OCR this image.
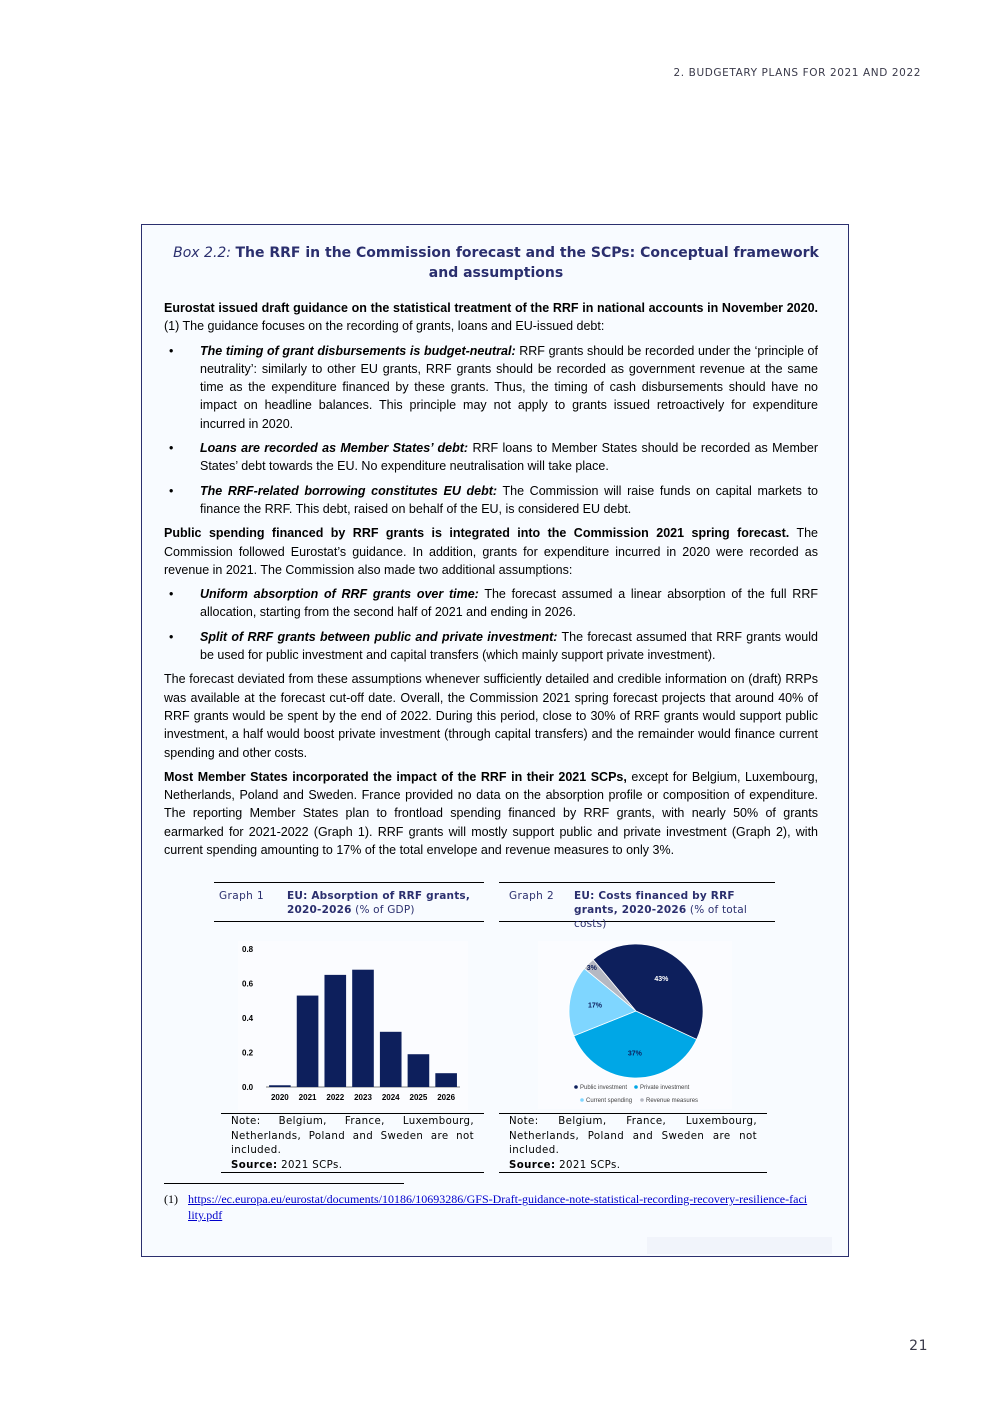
2. BUDGETARY PLANS FOR 2021 AND 2022
Box 2.2: The RRF in the Commission forecast and the SCPs: Conceptual framework and assumptions

Eurostat issued draft guidance on the statistical treatment of the RRF in national accounts in November 2020.(1) The guidance focuses on the recording of grants, loans and EU-issued debt:

• The timing of grant disbursements is budget-neutral: RRF grants should be recorded under the ‘principle of neutrality’: similarly to other EU grants, RRF grants should be recorded as government revenue at the same time as the expenditure financed by these grants. Thus, the timing of cash disbursements should have no impact on headline balances. This principle may not apply to grants issued retroactively for expenditure incurred in 2020.
• Loans are recorded as Member States’ debt: RRF loans to Member States should be recorded as Member States’ debt towards the EU. No expenditure neutralisation will take place.
• The RRF-related borrowing constitutes EU debt: The Commission will raise funds on capital markets to finance the RRF. This debt, raised on behalf of the EU, is considered EU debt.

Public spending financed by RRF grants is integrated into the Commission 2021 spring forecast. The Commission followed Eurostat’s guidance. In addition, grants for expenditure incurred in 2020 were recorded as revenue in 2021. The Commission also made two additional assumptions:

• Uniform absorption of RRF grants over time: The forecast assumed a linear absorption of the full RRF allocation, starting from the second half of 2021 and ending in 2026.
• Split of RRF grants between public and private investment: The forecast assumed that RRF grants would be used for public investment and capital transfers (which mainly support private investment).

The forecast deviated from these assumptions whenever sufficiently detailed and credible information on (draft) RRPs was available at the forecast cut-off date. Overall, the Commission 2021 spring forecast projects that around 40% of RRF grants would be spent by the end of 2022. During this period, close to 30% of RRF grants would support public investment, a half would boost private investment (through capital transfers) and the remainder would finance current spending and other costs.

Most Member States incorporated the impact of the RRF in their 2021 SCPs, except for Belgium, Luxembourg, Netherlands, Poland and Sweden. France provided no data on the absorption profile or composition of expenditure. The reporting Member States plan to frontload spending financed by RRF grants, with nearly 50% of grants earmarked for 2021-2022 (Graph 1). RRF grants will mostly support public and private investment (Graph 2), with current spending amounting to 17% of the total envelope and revenue measures to only 3%.

Graph 1 EU: Absorption of RRF grants, 2020-2026 (% of GDP)
Graph 2 EU: Costs financed by RRF grants, 2020-2026 (% of total costs)
0.0
0.2
0.4
0.6
0.8
2020 2021 2022 2023 2024 2025 2026
37%
17%
3%
43%
Public investment Private investment
Current spending Revenue measures
Note: Belgium, France, Luxembourg, Netherlands, Poland and Sweden are not included.
Source: 2021 SCPs.
Note: Belgium, France, Luxembourg, Netherlands, Poland and Sweden are not included.
Source: 2021 SCPs.
(1) https://ec.europa.eu/eurostat/documents/10186/10693286/GFS-Draft-guidance-note-statistical-recording-recovery-resilience-facility.pdf
21
